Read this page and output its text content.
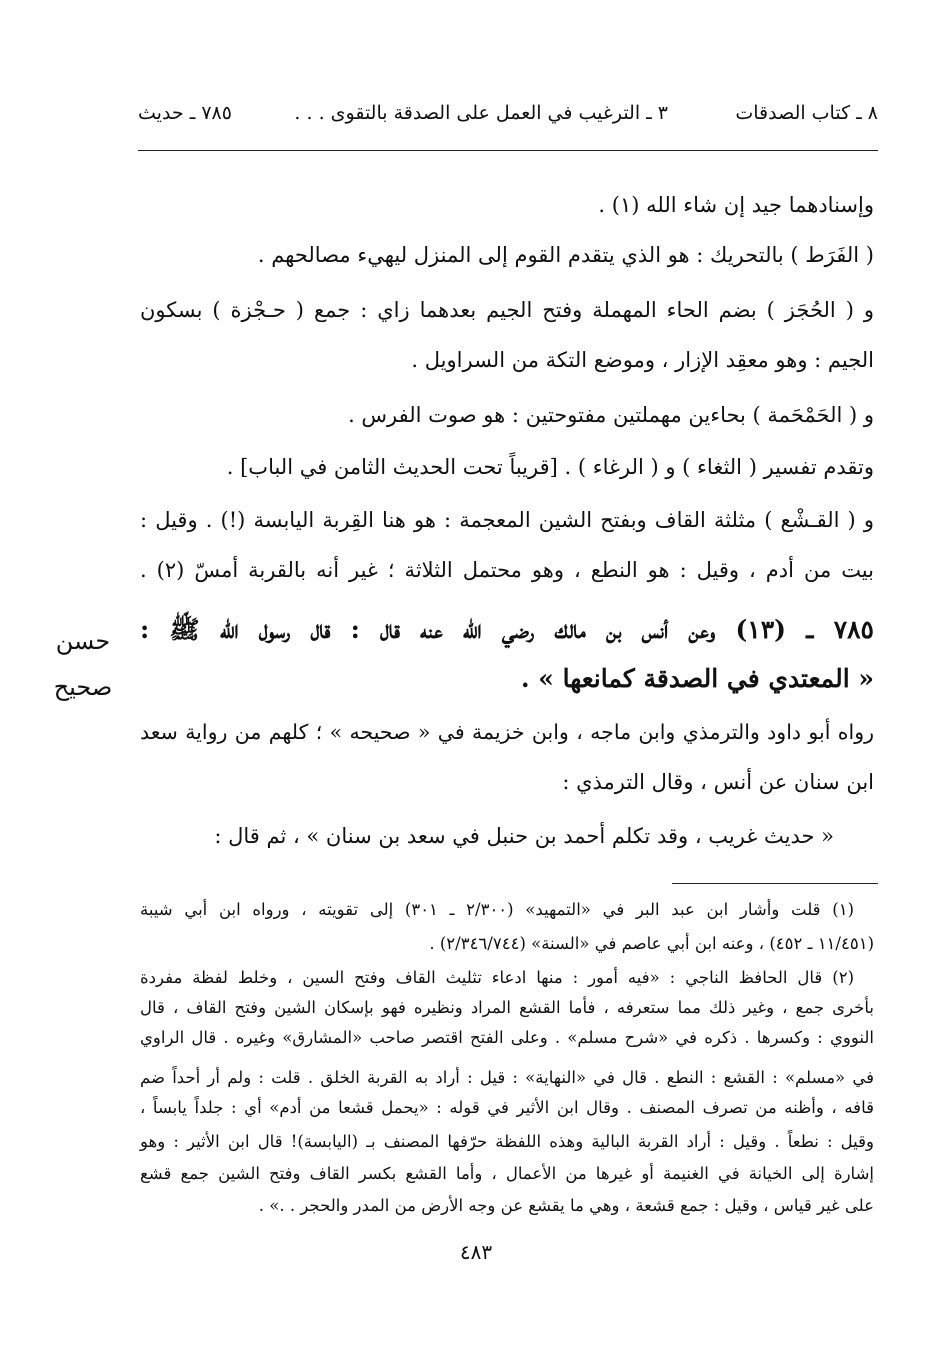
٨ ـ كتاب الصدقات
٣ ـ الترغيب في العمل على الصدقة بالتقوى . . .
٧٨٥ ـ حديث
وإسنادهما جيد إن شاء الله (١) .
( الفَرَط ) بالتحريك : هو الذي يتقدم القوم إلى المنزل ليهيء مصالحهم .
و ( الحُجَز ) بضم الحاء المهملة وفتح الجيم بعدهما زاي : جمع ( حـجْزة ) بسكون
الجيم : وهو معقِد الإزار ، وموضع التكة من السراويل .
و ( الحَمْحَمة ) بحاءين مهملتين مفتوحتين : هو صوت الفرس .
وتقدم تفسير ( الثغاء ) و ( الرغاء ) . [قريباً تحت الحديث الثامن في الباب] .
و ( القـشْع ) مثلثة القاف وبفتح الشين المعجمة : هو هنا القِربة اليابسة (!) . وقيل :
بيت من أدم ، وقيل : هو النطع ، وهو محتمل الثلاثة ؛ غير أنه بالقربة أمسّ (٢) .
٧٨٥ ـ (١٣) وعن أنس بن مالك رضي الله عنه قال : قال رسول الله ﷺ :
« المعتدي في الصدقة كمانعها » .
رواه أبو داود والترمذي وابن ماجه ، وابن خزيمة في « صحيحه » ؛ كلهم من رواية سعد
ابن سنان عن أنس ، وقال الترمذي :
« حديث غريب ، وقد تكلم أحمد بن حنبل في سعد بن سنان » ، ثم قال :
حسن
صحيح
(١) قلت وأشار ابن عبد البر في «التمهيد» (٢/٣٠٠ ـ ٣٠١) إلى تقويته ، ورواه ابن أبي شيبة
(١١/٤٥١ ـ ٤٥٢) ، وعنه ابن أبي عاصم في «السنة» (٢/٣٤٦/٧٤٤) .
(٢) قال الحافظ الناجي : «فيه أمور : منها ادعاء تثليث القاف وفتح السين ، وخلط لفظة مفردة
بأخرى جمع ، وغير ذلك مما ستعرفه ، فأما القشع المراد ونظيره فهو بإسكان الشين وفتح القاف ، قال
النووي : وكسرها . ذكره في «شرح مسلم» . وعلى الفتح اقتصر صاحب «المشارق» وغيره . قال الراوي
في «مسلم» : القشع : النطع . قال في «النهاية» : قيل : أراد به القربة الخلق . قلت : ولم أر أحداً ضم
قافه ، وأظنه من تصرف المصنف . وقال ابن الأثير في قوله : «يحمل قشعا من أدم» أي : جلداً يابساً ،
وقيل : نطعاً . وقيل : أراد القربة البالية وهذه اللفظة حرّفها المصنف بـ (اليابسة)! قال ابن الأثير : وهو
إشارة إلى الخيانة في الغنيمة أو غيرها من الأعمال ، وأما القشع بكسر القاف وفتح الشين جمع قشع
على غير قياس ، وقيل : جمع قشعة ، وهي ما يقشع عن وجه الأرض من المدر والحجر . .» .
٤٨٣
